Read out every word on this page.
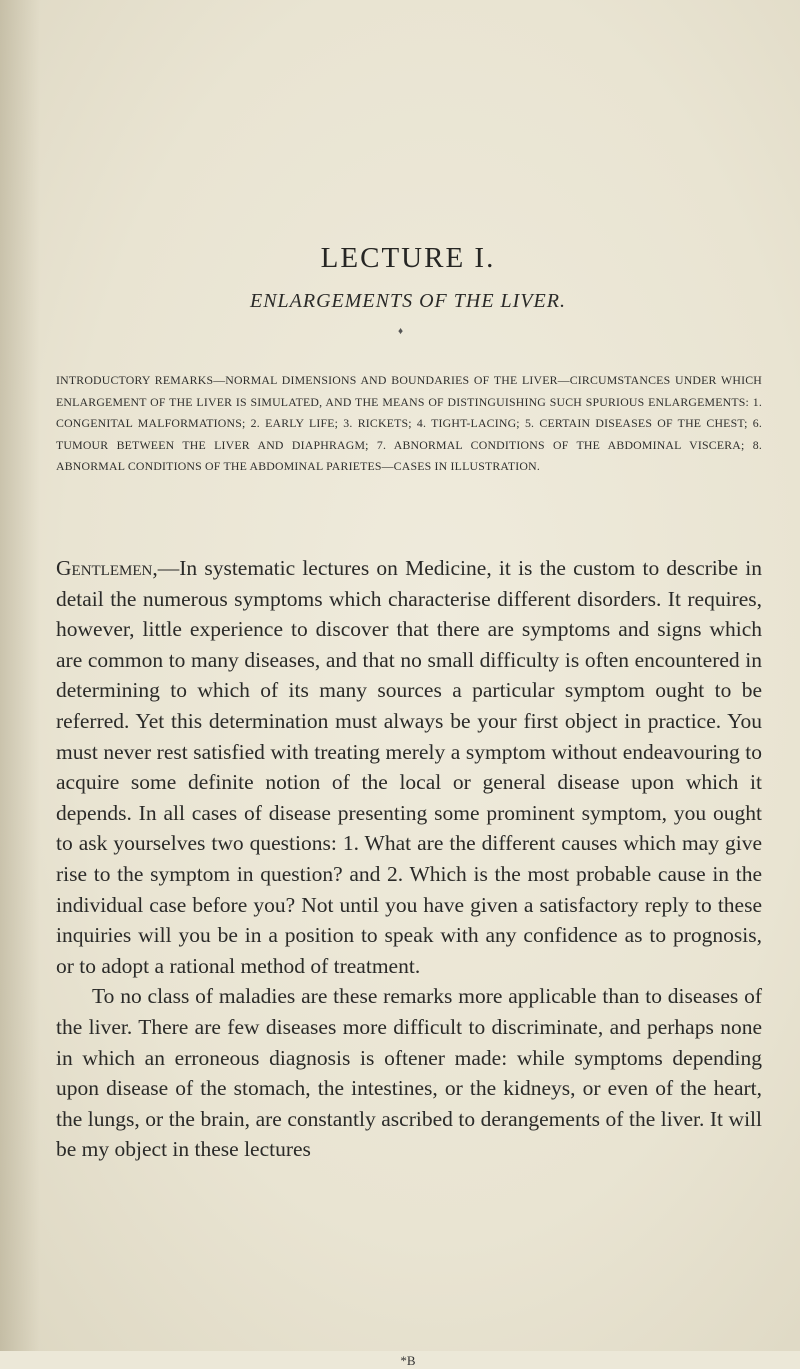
LECTURE I.
ENLARGEMENTS OF THE LIVER.
♦
INTRODUCTORY REMARKS—NORMAL DIMENSIONS AND BOUNDARIES OF THE LIVER—CIRCUMSTANCES UNDER WHICH ENLARGEMENT OF THE LIVER IS SIMULATED, AND THE MEANS OF DISTINGUISHING SUCH SPURIOUS ENLARGEMENTS: 1. CONGENITAL MALFORMATIONS; 2. EARLY LIFE; 3. RICKETS; 4. TIGHT-LACING; 5. CERTAIN DISEASES OF THE CHEST; 6. TUMOUR BETWEEN THE LIVER AND DIAPHRAGM; 7. ABNORMAL CONDITIONS OF THE ABDOMINAL VISCERA; 8. ABNORMAL CONDITIONS OF THE ABDOMINAL PARIETES—CASES IN ILLUSTRATION.

Gentlemen,—In systematic lectures on Medicine, it is the custom to describe in detail the numerous symptoms which characterise different disorders. It requires, however, little experience to discover that there are symptoms and signs which are common to many diseases, and that no small difficulty is often encountered in determining to which of its many sources a particular symptom ought to be referred. Yet this determination must always be your first object in practice. You must never rest satisfied with treating merely a symptom without endeavouring to acquire some definite notion of the local or general disease upon which it depends. In all cases of disease presenting some prominent symptom, you ought to ask yourselves two questions: 1. What are the different causes which may give rise to the symptom in question? and 2. Which is the most probable cause in the individual case before you? Not until you have given a satisfactory reply to these inquiries will you be in a position to speak with any confidence as to prognosis, or to adopt a rational method of treatment.

To no class of maladies are these remarks more applicable than to diseases of the liver. There are few diseases more difficult to discriminate, and perhaps none in which an erroneous diagnosis is oftener made: while symptoms depending upon disease of the stomach, the intestines, or the kidneys, or even of the heart, the lungs, or the brain, are constantly ascribed to derangements of the liver. It will be my object in these lectures

*B
